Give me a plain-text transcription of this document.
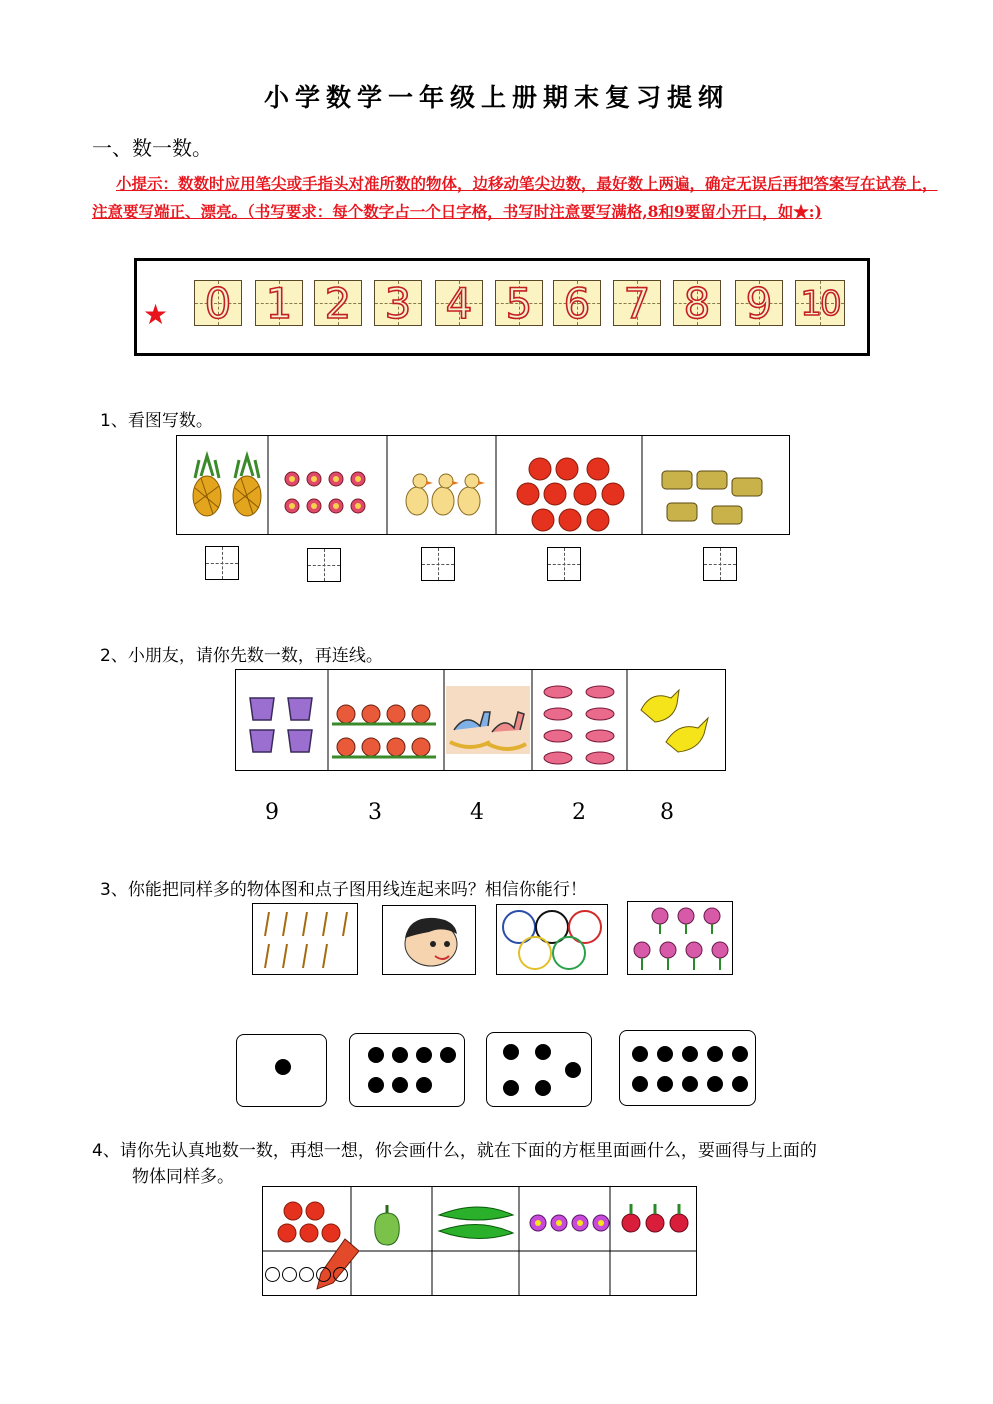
小学数学一年级上册期末复习提纲
一、数一数。
小提示：数数时应用笔尖或手指头对准所数的物体，边移动笔尖边数，最好数上两遍，确定无误后再把答案写在试卷上，注意要写端正、漂亮。（书写要求：每个数字占一个日字格，书写时注意要写满格,8和9要留小开口，如★:)
★ 0 1 2 3 4 5 6 7 8 9 10
1、看图写数。
2、小朋友，请你先数一数，再连线。
9	3	4	2	8
3、你能把同样多的物体图和点子图用线连起来吗？相信你能行！
4、请你先认真地数一数，再想一想，你会画什么，就在下面的方框里面画什么，要画得与上面的
物体同样多。
